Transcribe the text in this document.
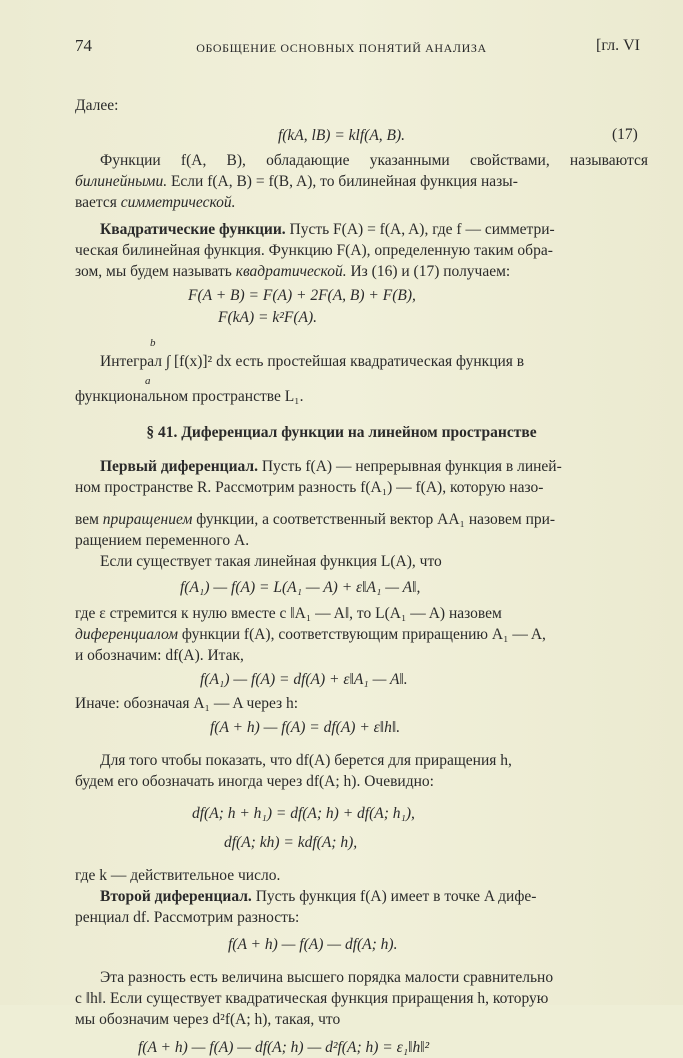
74	ОБОБЩЕНИЕ ОСНОВНЫХ ПОНЯТИЙ АНАЛИЗА	[гл. VI
Далее:
f(kA, lB) = klf(A, B).	(17)
Функции f(A, B), обладающие указанными свойствами, называются
билинейными. Если f(A, B) = f(B, A), то билинейная функция назы-
вается симметрической.
Квадратические функции. Пусть F(A) = f(A, A), где f — симметри-
ческая билинейная функция. Функцию F(A), определенную таким обра-
зом, мы будем называть квадратической. Из (16) и (17) получаем:
F(A + B) = F(A) + 2F(A, B) + F(B),
F(kA) = k²F(A).
b
Интеграл ∫ [f(x)]² dx есть простейшая квадратическая функция в
a
функциональном пространстве L₁.
§ 41. Диференциал функции на линейном пространстве
Первый диференциал. Пусть f(A) — непрерывная функция в линей-
ном пространстве R. Рассмотрим разность f(A₁) — f(A), которую назо-
вем приращением функции, а соответственный вектор AA₁ назовем при-
ращением переменного A.
Если существует такая линейная функция L(A), что
f(A₁) — f(A) = L(A₁ — A) + ε‖A₁ — A‖,
где ε стремится к нулю вместе с ‖A₁ — A‖, то L(A₁ — A) назовем
диференциалом функции f(A), соответствующим приращению A₁ — A,
и обозначим: df(A). Итак,
f(A₁) — f(A) = df(A) + ε‖A₁ — A‖.
Иначе: обозначая A₁ — A через h:
f(A + h) — f(A) = df(A) + ε‖h‖.
Для того чтобы показать, что df(A) берется для приращения h,
будем его обозначать иногда через df(A; h). Очевидно:
df(A; h + h₁) = df(A; h) + df(A; h₁),
df(A; kh) = kdf(A; h),
где k — действительное число.
Второй диференциал. Пусть функция f(A) имеет в точке A дифе-
ренциал df. Рассмотрим разность:
f(A + h) — f(A) — df(A; h).
Эта разность есть величина высшего порядка малости сравнительно
с ‖h‖. Если существует квадратическая функция приращения h, которую
мы обозначим через d²f(A; h), такая, что
f(A + h) — f(A) — df(A; h) — d²f(A; h) = ε₁‖h‖²
